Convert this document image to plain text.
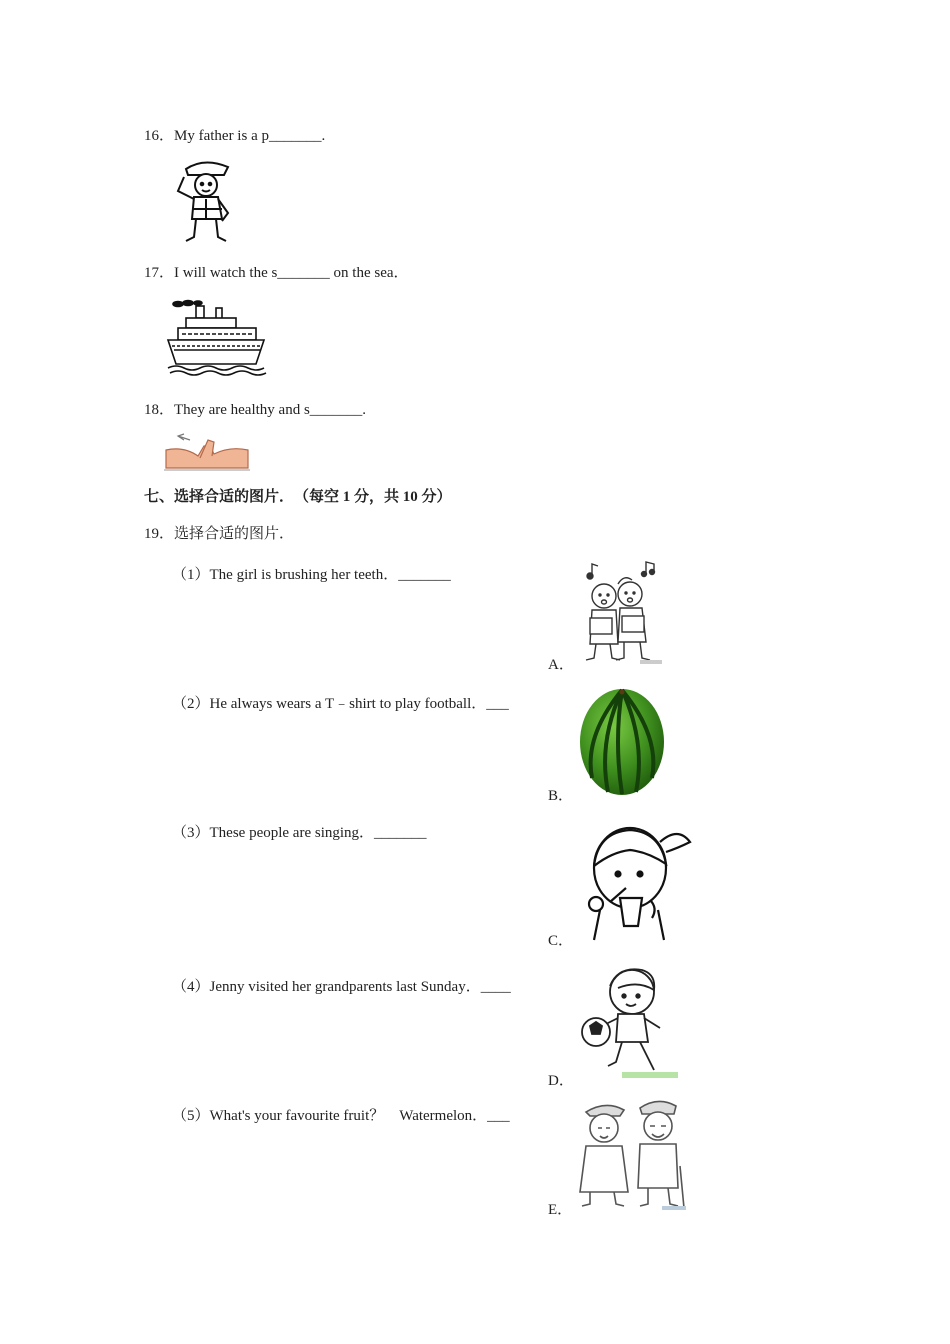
16．My father is a p_______.
17．I will watch the s_______ on the sea．
18．They are healthy and s_______.
七、选择合适的图片．　（每空 1 分，共 10 分）
19．选择合适的图片．
（1）The girl is brushing her teeth．_______
（2）He always wears a T﹣shirt to play football．___
（3）These people are singing．_______
（4）Jenny visited her grandparents last Sunday．____
（5）What's your favourite fruit？　Watermelon．___
A．
B．
C．
D．
E．
